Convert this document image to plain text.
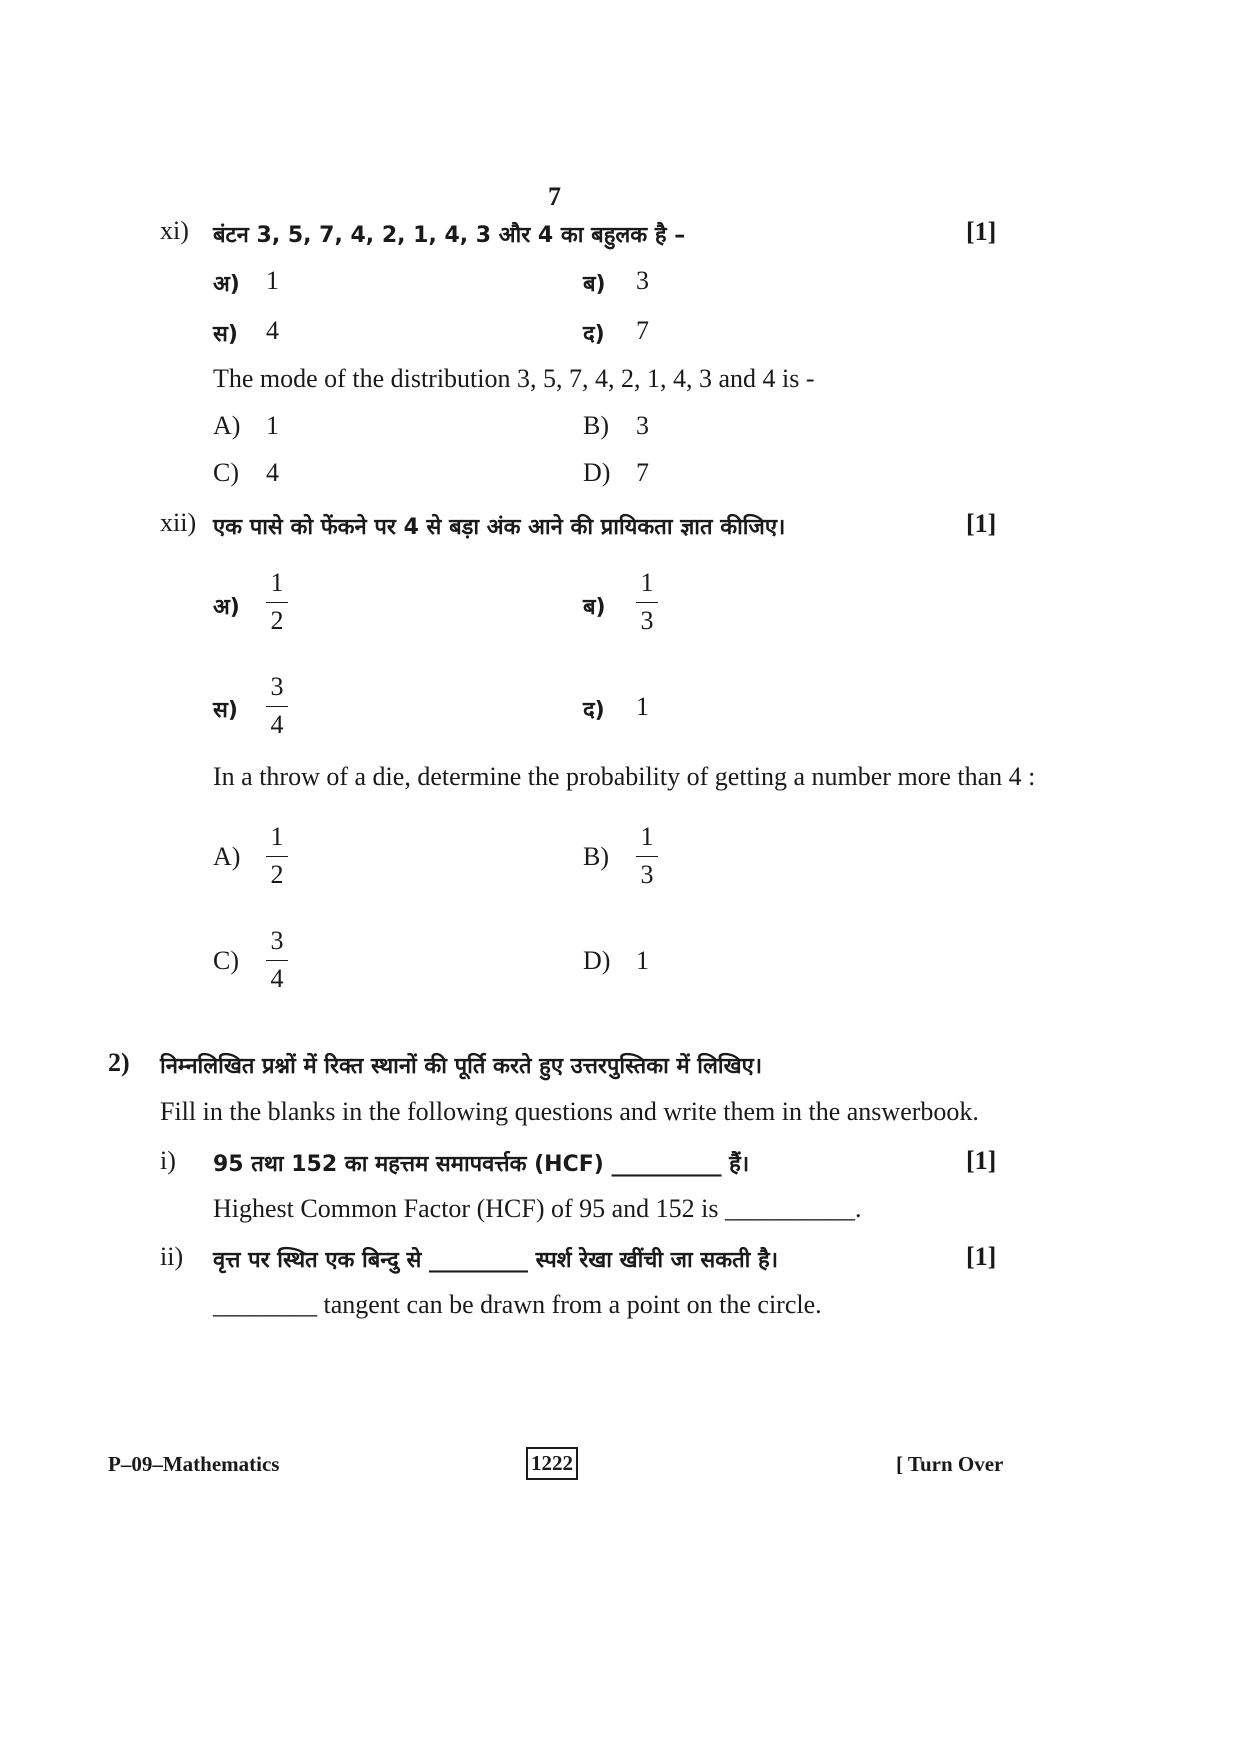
7
xi) बंटन 3, 5, 7, 4, 2, 1, 4, 3 और 4 का बहुलक है –	[1]
अ) 1	ब) 3
स) 4	द) 7
The mode of the distribution 3, 5, 7, 4, 2, 1, 4, 3 and 4 is -
A) 1	B) 3
C) 4	D) 7
xii) एक पासे को फेंकने पर 4 से बड़ा अंक आने की प्रायिकता ज्ञात कीजिए।	[1]
अ)
1
2	ब)
1
3
स)
3
4	द) 1
In a throw of a die, determine the probability of getting a number more than 4 :
A)
1
2
B)
1
3
C)
3
4
D) 1
2) निम्नलिखित प्रश्नों में रिक्त स्थानों की पूर्ति करते हुए उत्तरपुस्तिका में लिखिए।
Fill in the blanks in the following questions and write them in the answerbook.
i) 95 तथा 152 का महत्तम समापवर्त्तक (HCF) __________ हैं।	[1]
Highest Common Factor (HCF) of 95 and 152 is __________.
ii) वृत्त पर स्थित एक बिन्दु से _________ स्पर्श रेखा खींची जा सकती है।	[1]
________ tangent can be drawn from a point on the circle.
P–09–Mathematics	1222	[ Turn Over
